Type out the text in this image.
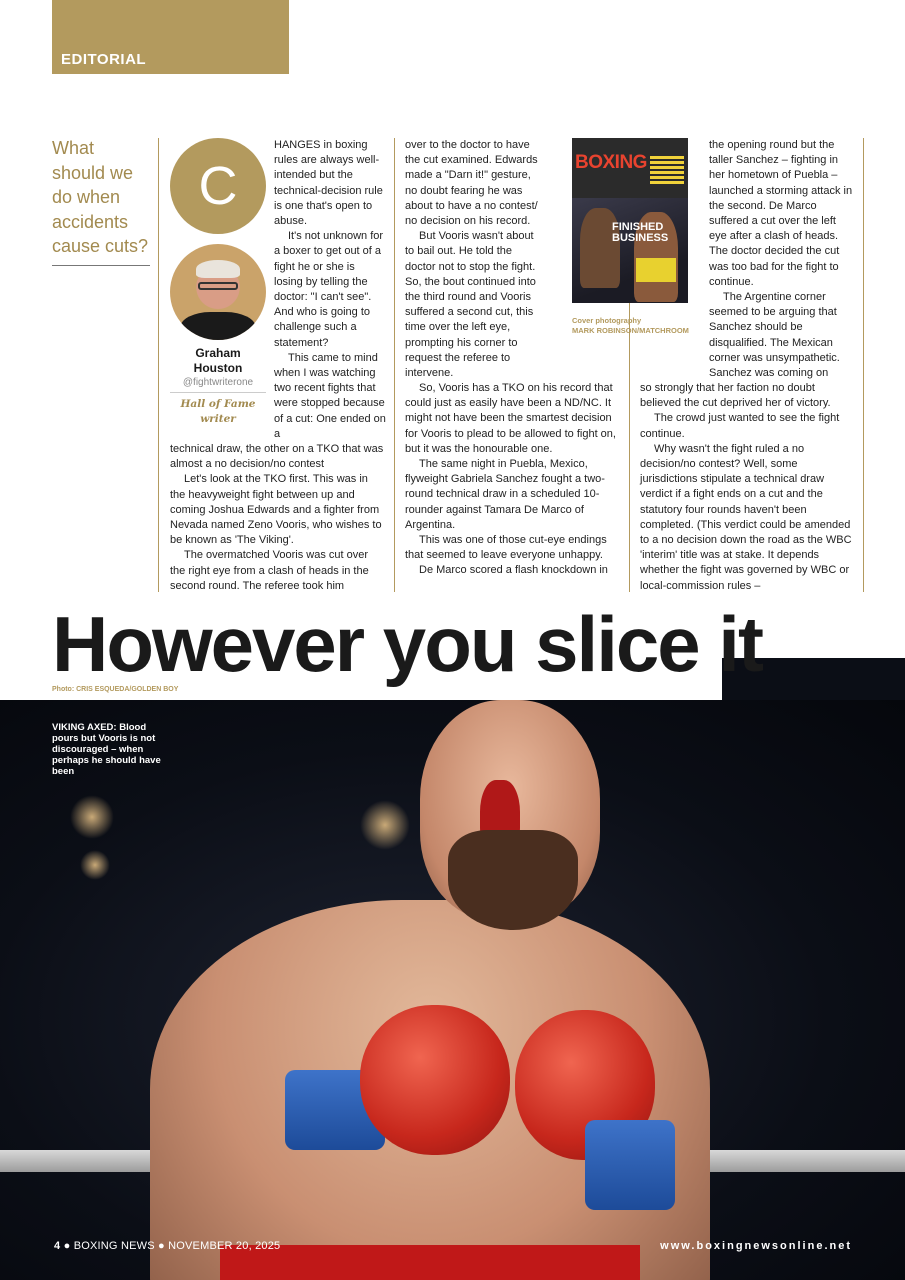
EDITORIAL
What should we do when accidents cause cuts?
C
Graham Houston
@fightwriterone
Hall of Fame writer

HANGES in boxing rules are always well-intended but the technical-decision rule is one that's open to abuse.

It's not unknown for a boxer to get out of a fight he or she is losing by telling the doctor: "I can't see". And who is going to challenge such a statement?

This came to mind when I was watching two recent fights that were stopped because of a cut: One ended on a

technical draw, the other on a TKO that was almost a no decision/no contest

Let's look at the TKO first. This was in the heavyweight fight between up and coming Joshua Edwards and a fighter from Nevada named Zeno Vooris, who wishes to be known as 'The Viking'.

The overmatched Vooris was cut over the right eye from a clash of heads in the second round. The referee took him

over to the doctor to have the cut examined. Edwards made a "Darn it!" gesture, no doubt fearing he was about to have a no contest/ no decision on his record.

But Vooris wasn't about to bail out. He told the doctor not to stop the fight. So, the bout continued into the third round and Vooris suffered a second cut, this time over the left eye, prompting his corner to request the referee to intervene.

So, Vooris has a TKO on his record that could just as easily have been a ND/NC. It might not have been the smartest decision for Vooris to plead to be allowed to fight on, but it was the honourable one.

The same night in Puebla, Mexico, flyweight Gabriela Sanchez fought a two-round technical draw in a scheduled 10-rounder against Tamara De Marco of Argentina.

This was one of those cut-eye endings that seemed to leave everyone unhappy.

De Marco scored a flash knockdown in

BOXING
FINISHED
BUSINESS
Cover photography
MARK ROBINSON/MATCHROOM

the opening round but the taller Sanchez – fighting in her hometown of Puebla – launched a storming attack in the second. De Marco suffered a cut over the left eye after a clash of heads. The doctor decided the cut was too bad for the fight to continue.

The Argentine corner seemed to be arguing that Sanchez should be disqualified. The Mexican corner was unsympathetic. Sanchez was coming on

so strongly that her faction no doubt believed the cut deprived her of victory.

The crowd just wanted to see the fight continue.

Why wasn't the fight ruled a no decision/no contest? Well, some jurisdictions stipulate a technical draw verdict if a fight ends on a cut and the statutory four rounds haven't been completed. (This verdict could be amended to a no decision down the road as the WBC 'interim' title was at stake. It depends whether the fight was governed by WBC or local-commission rules –

However you slice it
Photo: CRIS ESQUEDA/GOLDEN BOY
VIKING AXED: Blood pours but Vooris is not discouraged – when perhaps he should have been
4 ● BOXING NEWS ● NOVEMBER 20, 2025	www.boxingnewsonline.net
